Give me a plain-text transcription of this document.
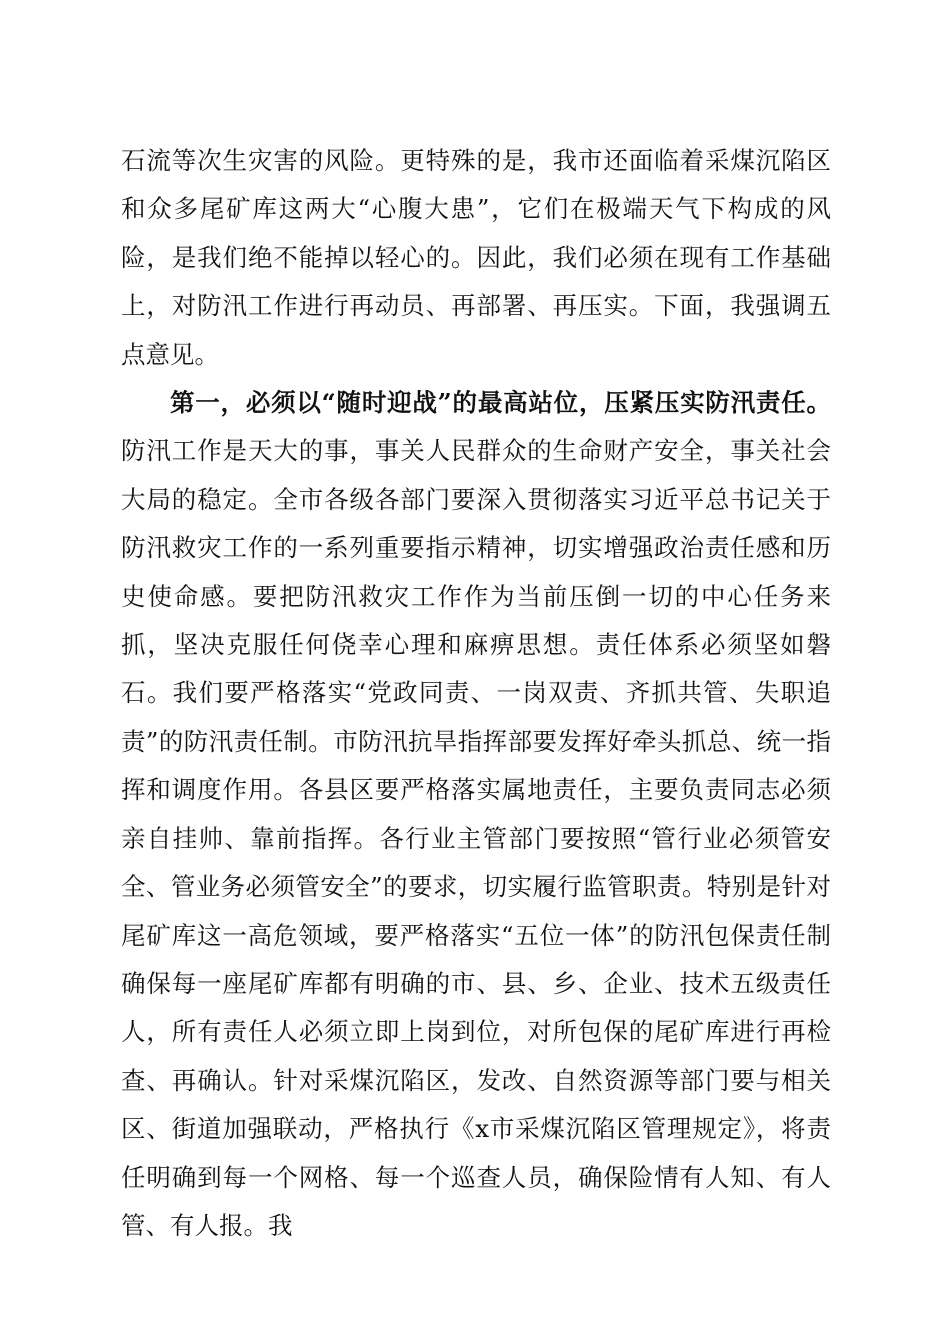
石流等次生灾害的风险。更特殊的是，我市还面临着采煤沉陷区和众多尾矿库这两大“心腹大患”，它们在极端天气下构成的风险，是我们绝不能掉以轻心的。因此，我们必须在现有工作基础上，对防汛工作进行再动员、再部署、再压实。下面，我强调五点意见。

第一，必须以“随时迎战”的最高站位，压紧压实防汛责任。防汛工作是天大的事，事关人民群众的生命财产安全，事关社会大局的稳定。全市各级各部门要深入贯彻落实习近平总书记关于防汛救灾工作的一系列重要指示精神，切实增强政治责任感和历史使命感。要把防汛救灾工作作为当前压倒一切的中心任务来抓，坚决克服任何侥幸心理和麻痹思想。责任体系必须坚如磐石。我们要严格落实“党政同责、一岗双责、齐抓共管、失职追责”的防汛责任制。市防汛抗旱指挥部要发挥好牵头抓总、统一指挥和调度作用。各县区要严格落实属地责任，主要负责同志必须亲自挂帅、靠前指挥。各行业主管部门要按照“管行业必须管安全、管业务必须管安全”的要求，切实履行监管职责。特别是针对尾矿库这一高危领域，要严格落实“五位一体”的防汛包保责任制确保每一座尾矿库都有明确的市、县、乡、企业、技术五级责任人，所有责任人必须立即上岗到位，对所包保的尾矿库进行再检查、再确认。针对采煤沉陷区，发改、自然资源等部门要与相关区、街道加强联动，严格执行《x市采煤沉陷区管理规定》，将责任明确到每一个网格、每一个巡查人员，确保险情有人知、有人管、有人报。我
